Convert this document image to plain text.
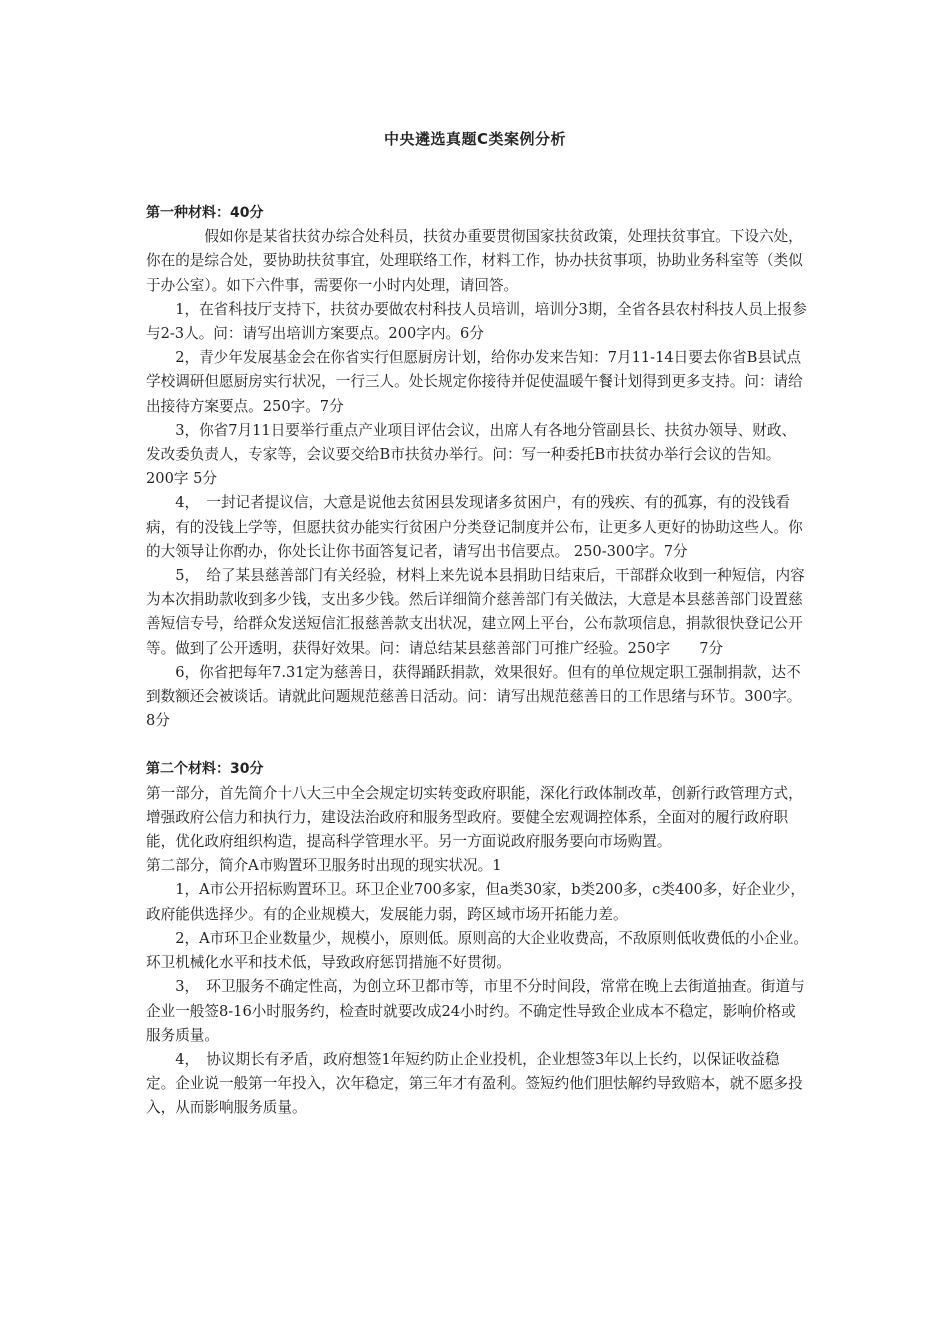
中央遴选真题C类案例分析

第一种材料：40分

假如你是某省扶贫办综合处科员，扶贫办重要贯彻国家扶贫政策，处理扶贫事宜。下设六处，你在的是综合处，要协助扶贫事宜，处理联络工作，材料工作，协办扶贫事项，协助业务科室等（类似于办公室）。如下六件事，需要你一小时内处理，请回答。

1，在省科技厅支持下，扶贫办要做农村科技人员培训，培训分3期，全省各县农村科技人员上报参与2-3人。问：请写出培训方案要点。200字内。6分

2，青少年发展基金会在你省实行但愿厨房计划，给你办发来告知：7月11-14日要去你省B县试点学校调研但愿厨房实行状况，一行三人。处长规定你接待并促使温暖午餐计划得到更多支持。问：请给出接待方案要点。250字。7分

3，你省7月11日要举行重点产业项目评估会议，出席人有各地分管副县长、扶贫办领导、财政、发改委负责人，专家等，会议要交给B市扶贫办举行。问：写一种委托B市扶贫办举行会议的告知。200字 5分

4，　一封记者提议信，大意是说他去贫困县发现诸多贫困户，有的残疾、有的孤寡，有的没钱看病，有的没钱上学等，但愿扶贫办能实行贫困户分类登记制度并公布，让更多人更好的协助这些人。你的大领导让你酌办，你处长让你书面答复记者，请写出书信要点。 250-300字。7分

5，　给了某县慈善部门有关经验，材料上来先说本县捐助日结束后，干部群众收到一种短信，内容为本次捐助款收到多少钱，支出多少钱。然后详细简介慈善部门有关做法，大意是本县慈善部门设置慈善短信专号，给群众发送短信汇报慈善款支出状况，建立网上平台，公布款项信息，捐款很快登记公开等。做到了公开透明，获得好效果。问：请总结某县慈善部门可推广经验。250字　　7分

6，你省把每年7.31定为慈善日，获得踊跃捐款，效果很好。但有的单位规定职工强制捐款，达不到数额还会被谈话。请就此问题规范慈善日活动。问：请写出规范慈善日的工作思绪与环节。300字。8分

第二个材料：30分

第一部分，首先简介十八大三中全会规定切实转变政府职能，深化行政体制改革，创新行政管理方式，增强政府公信力和执行力，建设法治政府和服务型政府。要健全宏观调控体系，全面对的履行政府职能，优化政府组织构造，提高科学管理水平。另一方面说政府服务要向市场购置。

第二部分，简介A市购置环卫服务时出现的现实状况。1

1，A市公开招标购置环卫。环卫企业700多家，但a类30家，b类200多，c类400多，好企业少，政府能供选择少。有的企业规模大，发展能力弱，跨区域市场开拓能力差。

2，A市环卫企业数量少，规模小，原则低。原则高的大企业收费高，不敌原则低收费低的小企业。环卫机械化水平和技术低，导致政府惩罚措施不好贯彻。

3，　环卫服务不确定性高，为创立环卫都市等，市里不分时间段，常常在晚上去街道抽查。街道与企业一般签8-16小时服务约，检查时就要改成24小时约。不确定性导致企业成本不稳定，影响价格或服务质量。

4，　协议期长有矛盾，政府想签1年短约防止企业投机，企业想签3年以上长约，以保证收益稳定。企业说一般第一年投入，次年稳定，第三年才有盈利。签短约他们胆怯解约导致赔本，就不愿多投入，从而影响服务质量。
